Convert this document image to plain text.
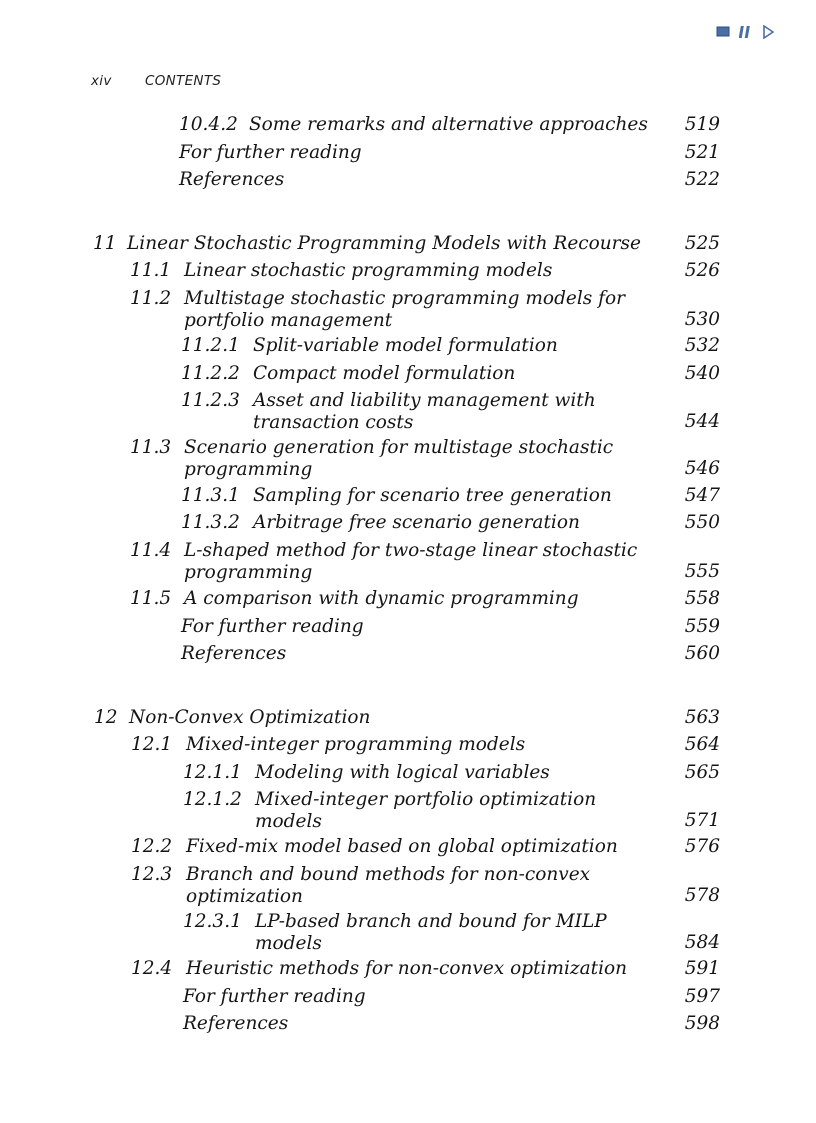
xiv CONTENTS
10.4.2 Some remarks and alternative approaches	519
For further reading	521
References	522
11 Linear Stochastic Programming Models with Recourse	525
11.1 Linear stochastic programming models	526
11.2 Multistage stochastic programming models for
portfolio management	530
11.2.1 Split-variable model formulation	532
11.2.2 Compact model formulation	540
11.2.3 Asset and liability management with
transaction costs	544
11.3 Scenario generation for multistage stochastic
programming	546
11.3.1 Sampling for scenario tree generation	547
11.3.2 Arbitrage free scenario generation	550
11.4 L-shaped method for two-stage linear stochastic
programming	555
11.5 A comparison with dynamic programming	558
For further reading	559
References	560
12 Non-Convex Optimization	563
12.1 Mixed-integer programming models	564
12.1.1 Modeling with logical variables	565
12.1.2 Mixed-integer portfolio optimization
models	571
12.2 Fixed-mix model based on global optimization	576
12.3 Branch and bound methods for non-convex
optimization	578
12.3.1 LP-based branch and bound for MILP
models	584
12.4 Heuristic methods for non-convex optimization	591
For further reading	597
References	598
